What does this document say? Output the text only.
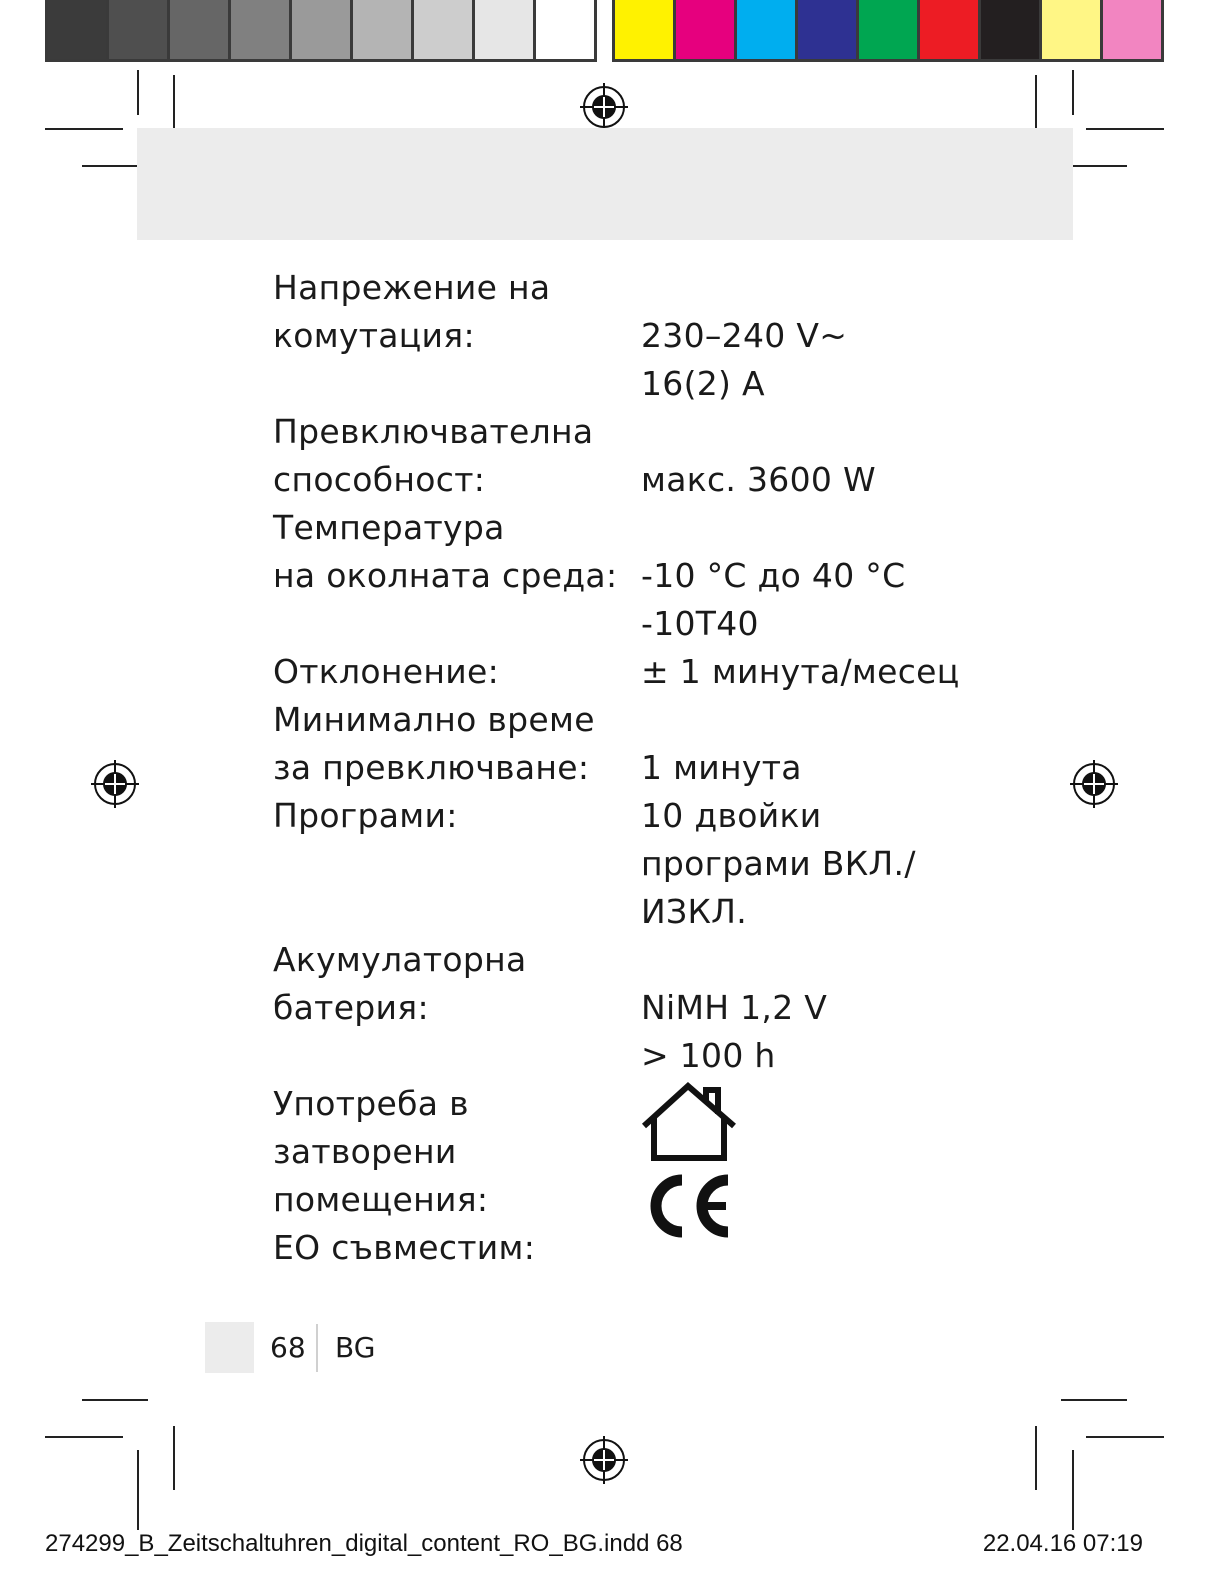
Напрежение на
комутация:	230–240 V~
16(2) A
Превключвателна
способност:	макс. 3600 W
Температура
на околната среда: -10 °C до 40 °C
-10T40
Отклонение:	± 1 минута/месец
Минимално време
за превключване:	1 минута
Програми:	10 двойки
програми ВКЛ./
ИЗКЛ.
Акумулаторна
батерия:	NiMH 1,2 V
> 100 h
Употреба в
затворени помещения:
ЕО съвместим:
68 BG
274299_B_Zeitschaltuhren_digital_content_RO_BG.indd 68	22.04.16 07:19
